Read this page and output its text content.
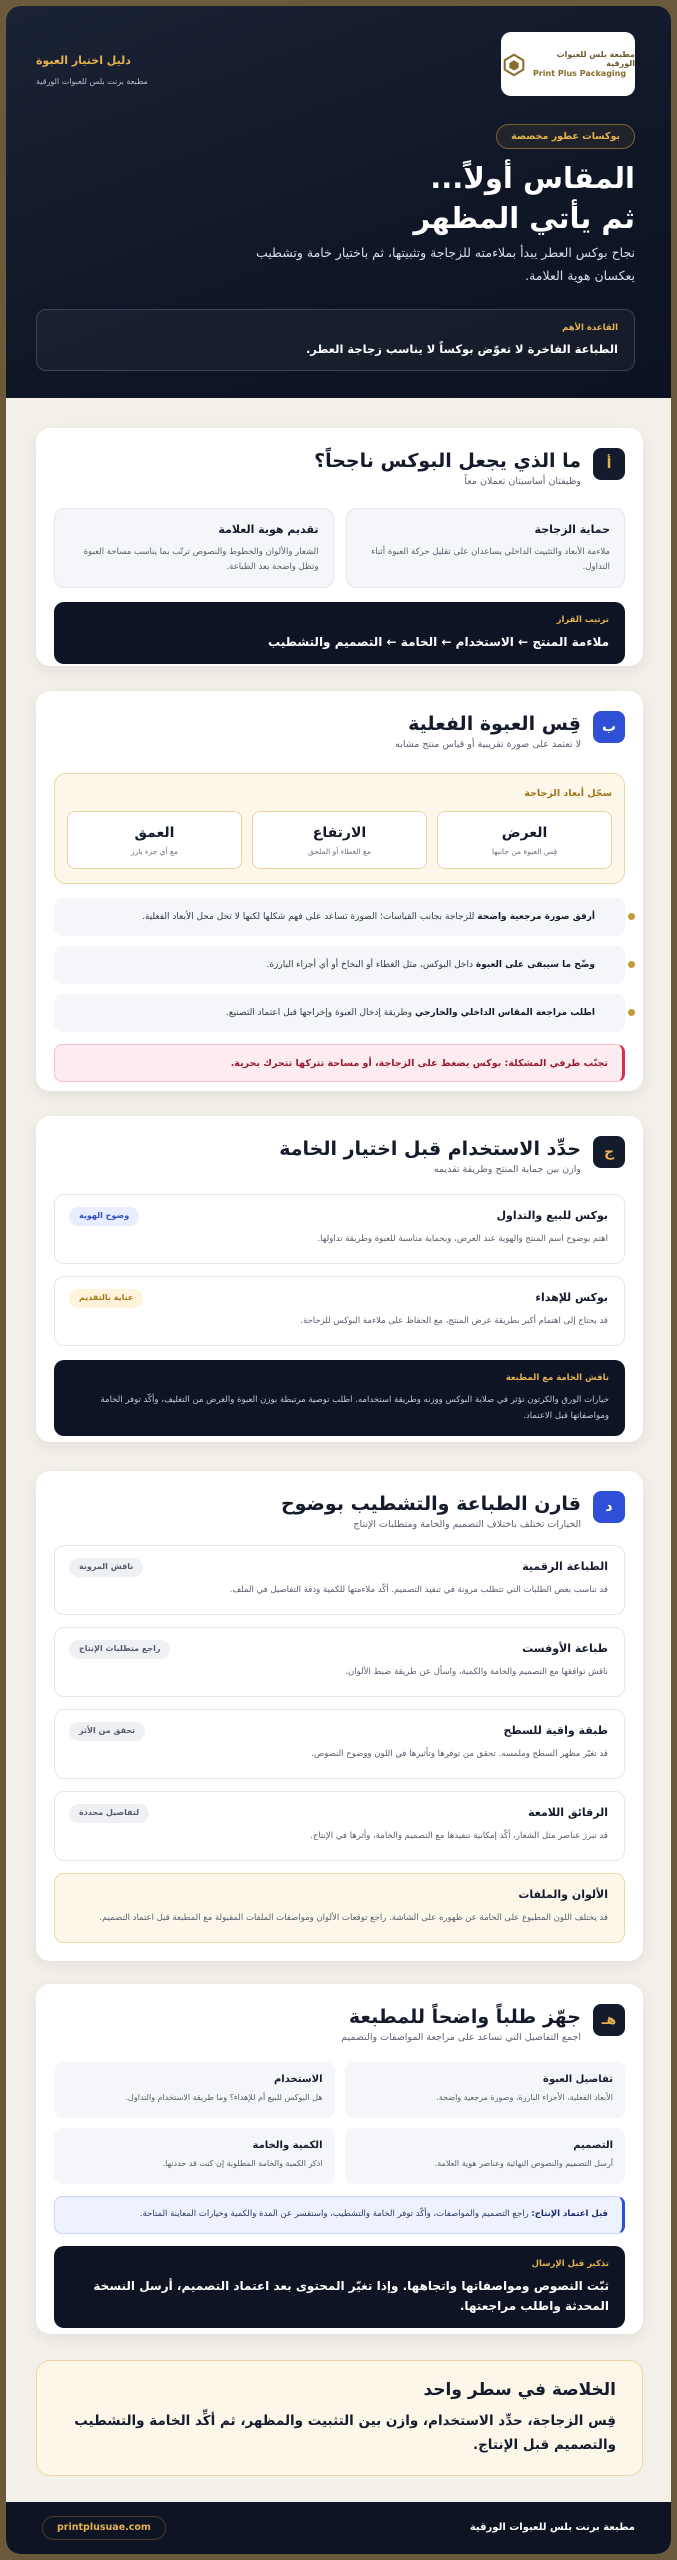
مطبعة بلس للعبوات الورقية
Print Plus Packaging
دليل اختيار العبوة
مطبعة برنت بلس للعبوات الورقية
بوكسات عطور مخصصة
المقاس أولاً...
ثم يأتي المظهر
نجاح بوكس العطر يبدأ بملاءمته للزجاجة وتثبيتها، ثم باختيار خامة وتشطيب يعكسان هوية العلامة.
القاعدة الأهم
الطباعة الفاخرة لا تعوّض بوكساً لا يناسب زجاجة العطر.
أ
ما الذي يجعل البوكس ناجحاً؟
وظيفتان أساسيتان تعملان معاً
حماية الزجاجة
ملاءمة الأبعاد والتثبيت الداخلي يساعدان على تقليل حركة العبوة أثناء التداول.
تقديم هوية العلامة
الشعار والألوان والخطوط والنصوص ترتّب بما يناسب مساحة العبوة وتظل واضحة بعد الطباعة.
ترتيب القرار
ملاءمة المنتج ← الاستخدام ← الخامة ← التصميم والتشطيب
ب
قِس العبوة الفعلية
لا تعتمد على صورة تقريبية أو قياس منتج مشابه
سجّل أبعاد الزجاجة
العرض
قِس العبوة من جانبها
الارتفاع
مع الغطاء أو الملحق
العمق
مع أي جزء بارز
أرفق صورة مرجعية واضحة للزجاجة بجانب القياسات؛ الصورة تساعد على فهم شكلها لكنها لا تحل محل الأبعاد الفعلية.
وضّح ما سيبقى على العبوة داخل البوكس، مثل الغطاء أو البخاخ أو أي أجزاء البارزة.
اطلب مراجعة المقاس الداخلي والخارجي وطريقة إدخال العبوة وإخراجها قبل اعتماد التصنيع.
تجنّب طرفي المشكلة: بوكس يضغط على الزجاجة، أو مساحة تتركها تتحرك بحرية.
ج
حدِّد الاستخدام قبل اختيار الخامة
وازن بين حماية المنتج وطريقة تقديمه
بوكس للبيع والتداول
اهتم بوضوح اسم المنتج والهوية عند العرض، وبحماية مناسبة للعبوة وطريقة تداولها.
وضوح الهوية
بوكس للإهداء
قد يحتاج إلى اهتمام أكبر بطريقة عرض المنتج، مع الحفاظ على ملاءمة البوكس للزجاجة.
عناية بالتقديم
ناقش الخامة مع المطبعة
خيارات الورق والكرتون تؤثر في صلابة البوكس ووزنه وطريقة استخدامه. اطلب توصية مرتبطة بوزن العبوة والغرض من التغليف، وأكّد توفر الخامة ومواصفاتها قبل الاعتماد.
د
قارن الطباعة والتشطيب بوضوح
الخيارات تختلف باختلاف التصميم والخامة ومتطلبات الإنتاج
الطباعة الرقمية
قد تناسب بعض الطلبات التي تتطلب مرونة في تنفيذ التصميم. أكّد ملاءمتها للكمية ودقة التفاصيل في الملف.
ناقش المرونة
طباعة الأوفست
ناقش توافقها مع التصميم والخامة والكمية، واسأل عن طريقة ضبط الألوان.
راجع متطلبات الإنتاج
طبقة واقية للسطح
قد تغيّر مظهر السطح وملمسه. تحقق من توفرها وتأثيرها في اللون ووضوح النصوص.
تحقق من الأثر
الرقائق اللامعة
قد تبرز عناصر مثل الشعار، أكّد إمكانية تنفيذها مع التصميم والخامة، وأثرها في الإنتاج.
لتفاصيل محددة
الألوان والملفات
قد يختلف اللون المطبوع على الخامة عن ظهوره على الشاشة. راجع توقعات الألوان ومواصفات الملفات المقبولة مع المطبعة قبل اعتماد التصميم.
هـ
جهّز طلباً واضحاً للمطبعة
اجمع التفاصيل التي تساعد على مراجعة المواصفات والتصميم
تفاصيل العبوة
الأبعاد الفعلية، الأجزاء البارزة، وصورة مرجعية واضحة.
الاستخدام
هل البوكس للبيع أم للإهداء؟ وما طريقة الاستخدام والتداول.
التصميم
أرسل التصميم والنصوص النهائية وعناصر هوية العلامة.
الكمية والخامة
اذكر الكمية والخامة المطلوبة إن كنت قد حددتها.
قبل اعتماد الإنتاج: راجع التصميم والمواصفات، وأكّد توفر الخامة والتشطيب، واستفسر عن المدة والكمية وخيارات المعاينة المتاحة.
تذكير قبل الإرسال
ثبّت النصوص ومواصفاتها واتجاهها. وإذا تغيّر المحتوى بعد اعتماد التصميم، أرسل النسخة المحدثة واطلب مراجعتها.
الخلاصة في سطر واحد
قِس الزجاجة، حدِّد الاستخدام، وازن بين التثبيت والمظهر، ثم أكِّد الخامة والتشطيب والتصميم قبل الإنتاج.
مطبعة برنت بلس للعبوات الورقية
printplusuae.com
